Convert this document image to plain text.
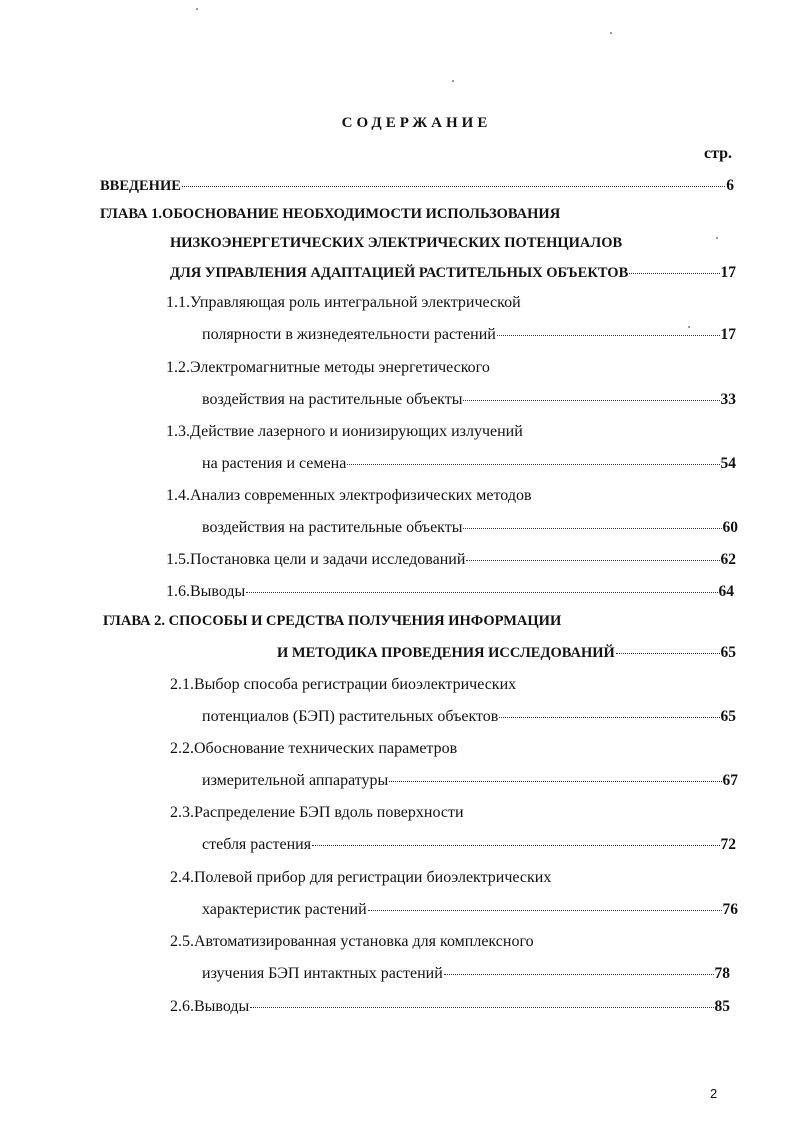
СОДЕРЖАНИЕ
стр.
ВВЕДЕНИЕ	6
ГЛАВА 1.ОБОСНОВАНИЕ НЕОБХОДИМОСТИ ИСПОЛЬЗОВАНИЯ
НИЗКОЭНЕРГЕТИЧЕСКИХ ЭЛЕКТРИЧЕСКИХ ПОТЕНЦИАЛОВ
ДЛЯ УПРАВЛЕНИЯ АДАПТАЦИЕЙ РАСТИТЕЛЬНЫХ ОБЪЕКТОВ	17
1.1.Управляющая роль интегральной электрической
полярности в жизнедеятельности растений	17
1.2.Электромагнитные методы энергетического
воздействия на растительные объекты	33
1.3.Действие лазерного и ионизирующих излучений
на растения и семена	54
1.4.Анализ современных электрофизических методов
воздействия на растительные объекты	60
1.5.Постановка цели и задачи исследований	62
1.6.Выводы	64
ГЛАВА 2. СПОСОБЫ И СРЕДСТВА ПОЛУЧЕНИЯ ИНФОРМАЦИИ
И МЕТОДИКА ПРОВЕДЕНИЯ ИССЛЕДОВАНИЙ	65
2.1.Выбор способа регистрации биоэлектрических
потенциалов (БЭП) растительных объектов	65
2.2.Обоснование технических параметров
измерительной аппаратуры	67
2.3.Распределение БЭП вдоль поверхности
стебля растения	72
2.4.Полевой прибор для регистрации биоэлектрических
характеристик растений	76
2.5.Автоматизированная установка для комплексного
изучения БЭП интактных растений	78
2.6.Выводы	85
2
